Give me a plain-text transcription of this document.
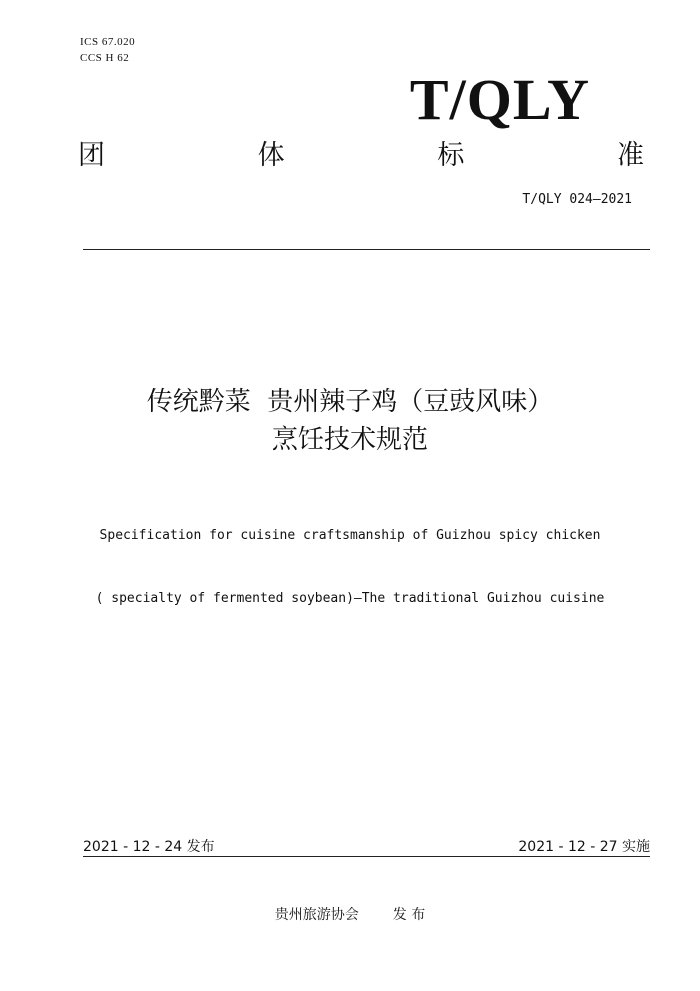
ICS 67.020
CCS H 62
T/QLY
团	体	标	准
T/QLY 024—2021
传统黔菜  贵州辣子鸡（豆豉风味）
烹饪技术规范

Specification for cuisine craftsmanship of Guizhou spicy chicken

( specialty of fermented soybean)—The traditional Guizhou cuisine

2021 - 12 - 24 发布	2021 - 12 - 27 实施
贵州旅游协会 发 布
